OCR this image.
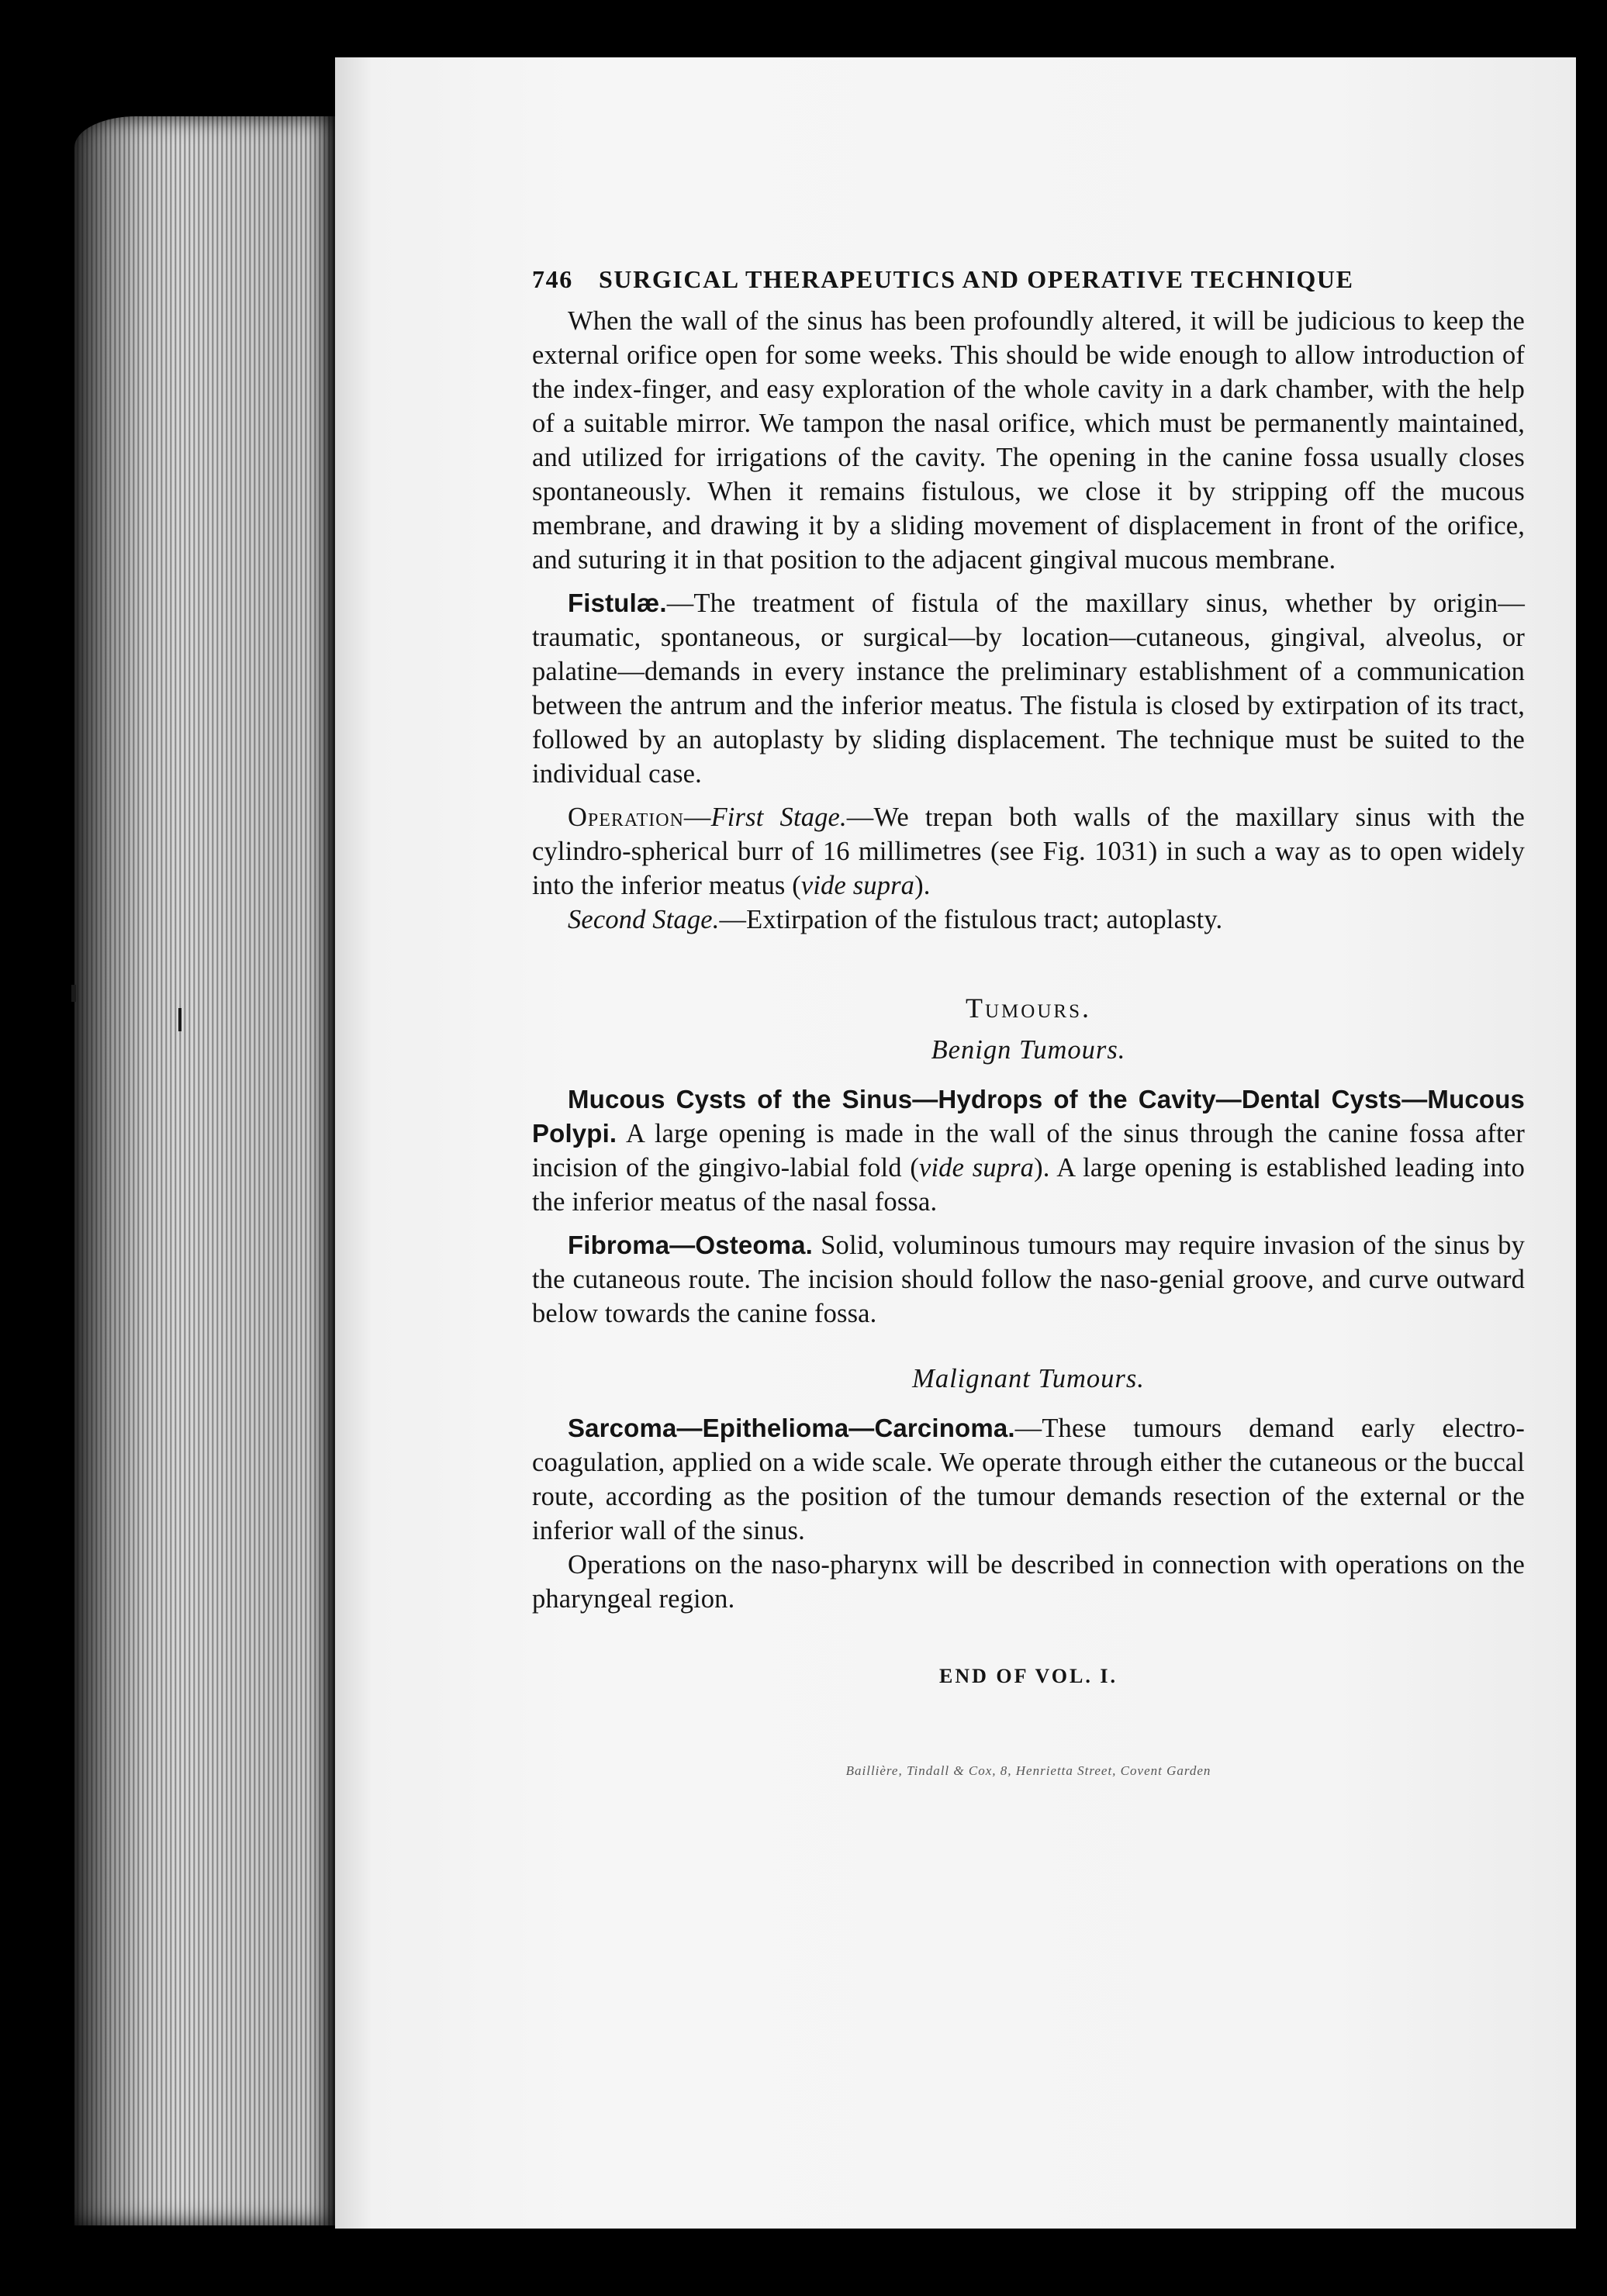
746	SURGICAL THERAPEUTICS AND OPERATIVE TECHNIQUE

When the wall of the sinus has been profoundly altered, it will be judicious to keep the external orifice open for some weeks. This should be wide enough to allow introduction of the index-finger, and easy exploration of the whole cavity in a dark chamber, with the help of a suitable mirror. We tampon the nasal orifice, which must be permanently maintained, and utilized for irrigations of the cavity. The opening in the canine fossa usually closes spontaneously. When it remains fistulous, we close it by stripping off the mucous membrane, and drawing it by a sliding movement of displacement in front of the orifice, and suturing it in that position to the adjacent gingival mucous membrane.

Fistulæ.—The treatment of fistula of the maxillary sinus, whether by origin—traumatic, spontaneous, or surgical—by location—cutaneous, gingival, alveolus, or palatine—demands in every instance the preliminary establishment of a communication between the antrum and the inferior meatus. The fistula is closed by extirpation of its tract, followed by an autoplasty by sliding displacement. The technique must be suited to the individual case.

Operation—First Stage.—We trepan both walls of the maxillary sinus with the cylindro-spherical burr of 16 millimetres (see Fig. 1031) in such a way as to open widely into the inferior meatus (vide supra).

Second Stage.—Extirpation of the fistulous tract; autoplasty.

Tumours.

Benign Tumours.

Mucous Cysts of the Sinus—Hydrops of the Cavity—Dental Cysts—Mucous Polypi. A large opening is made in the wall of the sinus through the canine fossa after incision of the gingivo-labial fold (vide supra). A large opening is established leading into the inferior meatus of the nasal fossa.

Fibroma—Osteoma. Solid, voluminous tumours may require invasion of the sinus by the cutaneous route. The incision should follow the naso-genial groove, and curve outward below towards the canine fossa.

Malignant Tumours.

Sarcoma—Epithelioma—Carcinoma.—These tumours demand early electro-coagulation, applied on a wide scale. We operate through either the cutaneous or the buccal route, according as the position of the tumour demands resection of the external or the inferior wall of the sinus.

Operations on the naso-pharynx will be described in connection with operations on the pharyngeal region.

END OF VOL. I.

Baillière, Tindall & Cox, 8, Henrietta Street, Covent Garden
